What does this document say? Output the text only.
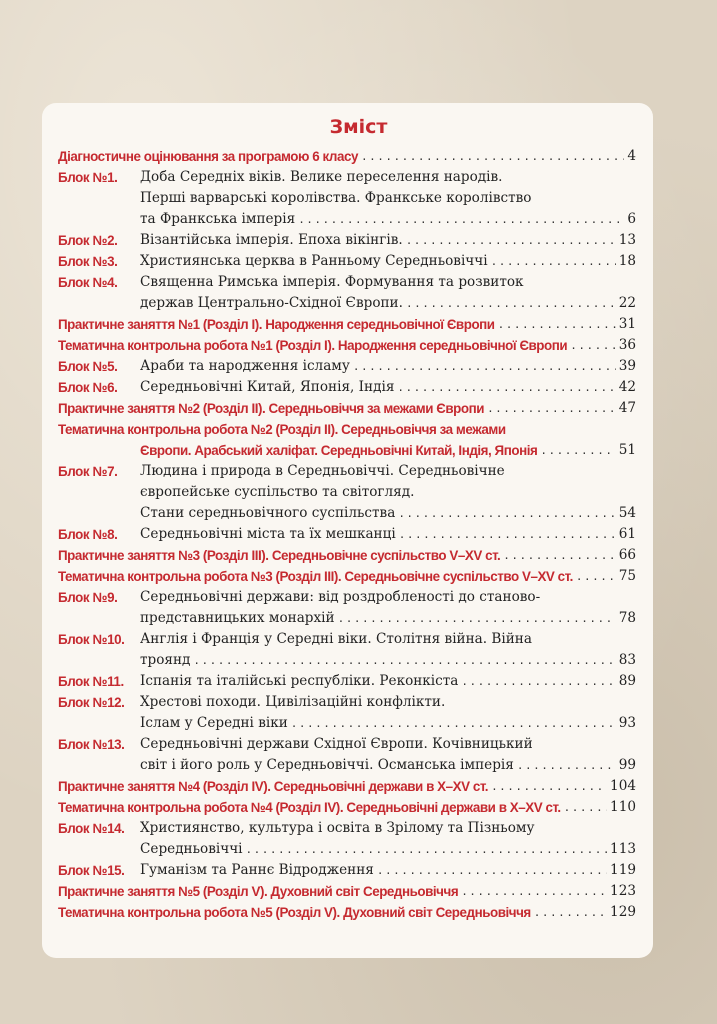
Зміст
Діагностичне оцінювання за програмою 6 класу .....	4
Блок №1.	Доба Середніх віків. Велике переселення народів.
Перші варварські королівства. Франкське королівство
та Франкська імперія .....	6
Блок №2.	Візантійська імперія. Епоха вікінгів. .....	13
Блок №3.	Християнська церква в Ранньому Середньовіччі .....	18
Блок №4.	Священна Римська імперія. Формування та розвиток
держав Центрально-Східної Європи. .....	22
Практичне заняття №1 (Розділ I). Народження середньовічної Європи .....	31
Тематична контрольна робота №1 (Розділ I). Народження середньовічної Європи .....	36
Блок №5.	Араби та народження ісламу .....	39
Блок №6.	Середньовічні Китай, Японія, Індія .....	42
Практичне заняття №2 (Розділ II). Середньовіччя за межами Європи .....	47
Тематична контрольна робота №2 (Розділ II). Середньовіччя за межами
Європи. Арабський халіфат. Середньовічні Китай, Індія, Японія .....	51
Блок №7.	Людина і природа в Середньовіччі. Середньовічне
європейське суспільство та світогляд.
Стани середньовічного суспільства .....	54
Блок №8.	Середньовічні міста та їх мешканці .....	61
Практичне заняття №3 (Розділ III). Середньовічне суспільство V–XV ст. .....	66
Тематична контрольна робота №3 (Розділ III). Середньовічне суспільство V–XV ст. .....	75
Блок №9.	Середньовічні держави: від роздробленості до станово-
представницьких монархій .....	78
Блок №10.	Англія і Франція у Середні віки. Столітня війна. Війна
троянд .....	83
Блок №11.	Іспанія та італійські республіки. Реконкіста .....	89
Блок №12.	Хрестові походи. Цивілізаційні конфлікти.
Іслам у Середні віки .....	93
Блок №13.	Середньовічні держави Східної Європи. Кочівницький
світ і його роль у Середньовіччі. Османська імперія .....	99
Практичне заняття №4 (Розділ IV). Середньовічні держави в X–XV ст. .....	104
Тематична контрольна робота №4 (Розділ IV). Середньовічні держави в X–XV ст. .....	110
Блок №14.	Християнство, культура і освіта в Зрілому та Пізньому
Середньовіччі .....	113
Блок №15.	Гуманізм та Раннє Відродження .....	119
Практичне заняття №5 (Розділ V). Духовний світ Середньовіччя .....	123
Тематична контрольна робота №5 (Розділ V). Духовний світ Середньовіччя .....	129
